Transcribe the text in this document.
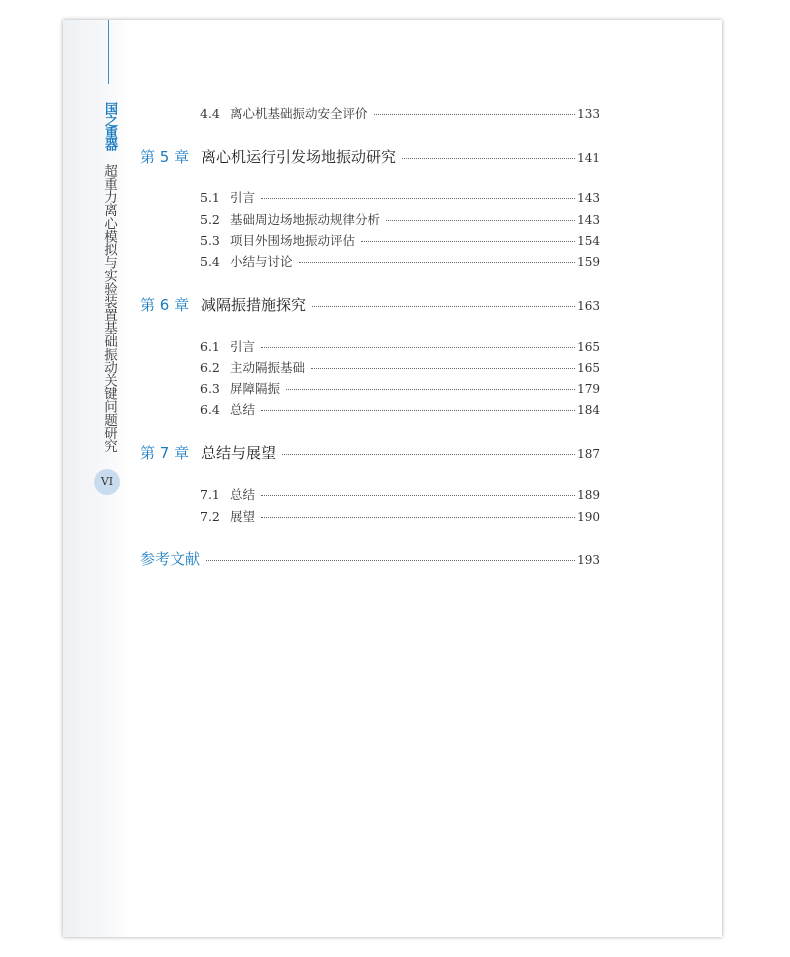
国之重器
超重力离心模拟与实验装置基础振动关键问题研究
VI
4.4 离心机基础振动安全评价	133
第 5 章 离心机运行引发场地振动研究	141
5.1 引言	143
5.2 基础周边场地振动规律分析	143
5.3 项目外围场地振动评估	154
5.4 小结与讨论	159
第 6 章 减隔振措施探究	163
6.1 引言	165
6.2 主动隔振基础	165
6.3 屏障隔振	179
6.4 总结	184
第 7 章 总结与展望	187
7.1 总结	189
7.2 展望	190
参考文献	193
